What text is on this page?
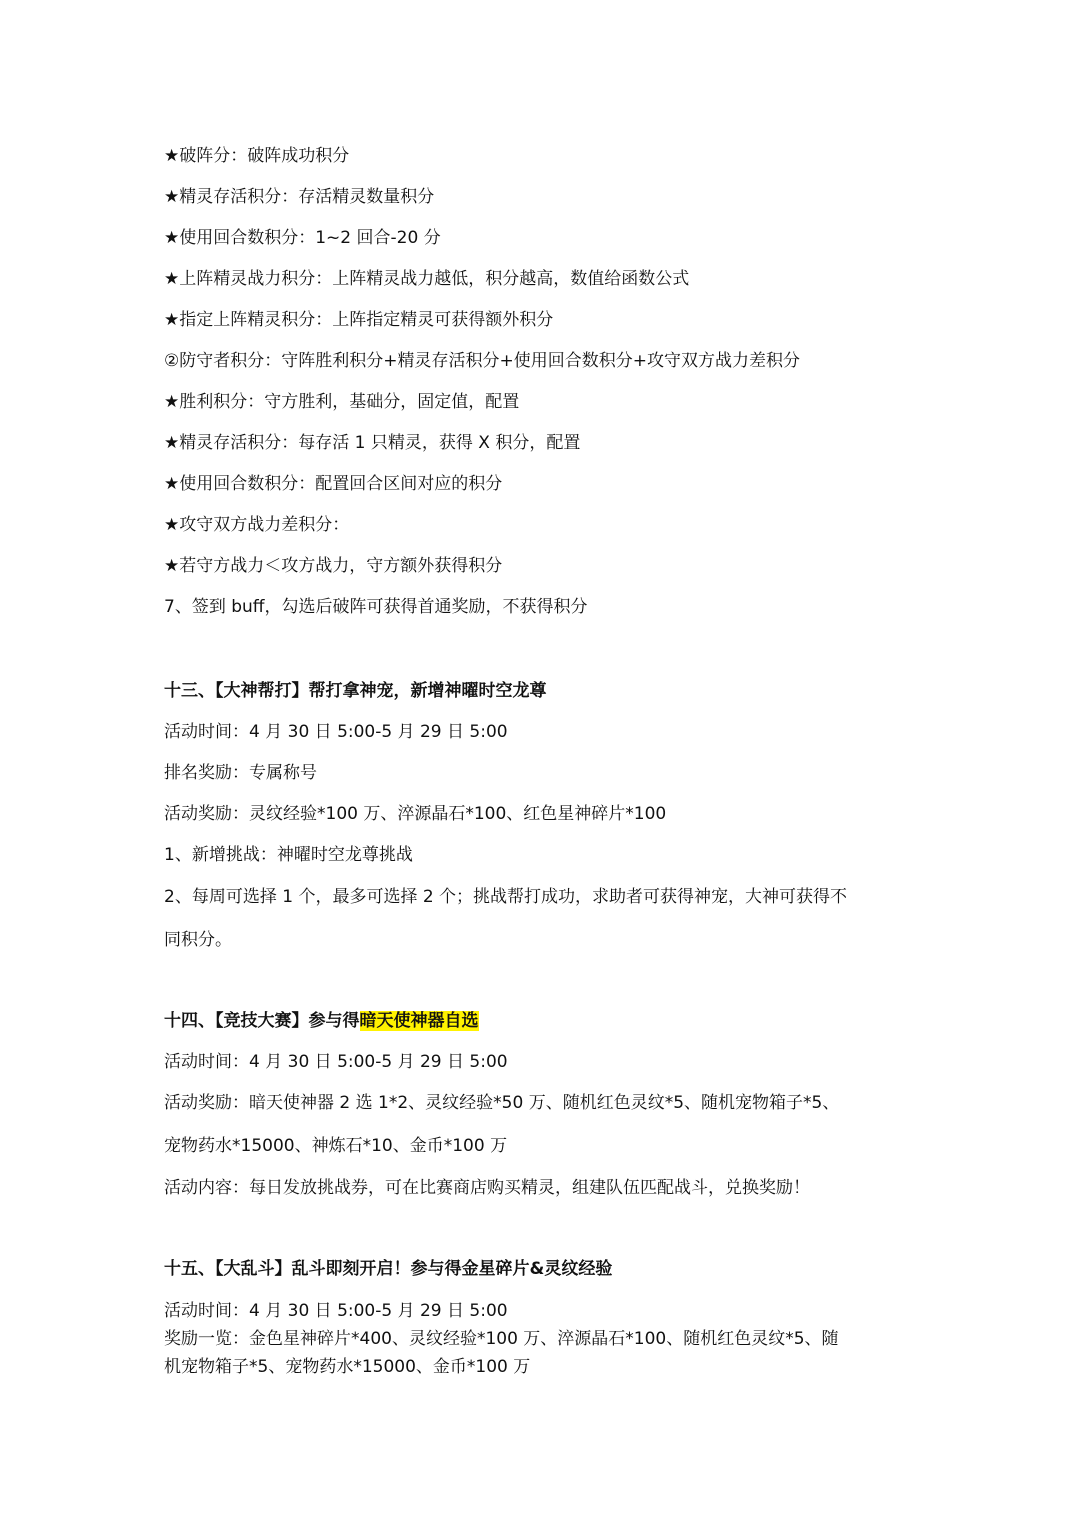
★破阵分：破阵成功积分
★精灵存活积分：存活精灵数量积分
★使用回合数积分：1~2 回合-20 分
★上阵精灵战力积分：上阵精灵战力越低，积分越高，数值给函数公式
★指定上阵精灵积分：上阵指定精灵可获得额外积分
②防守者积分：守阵胜利积分+精灵存活积分+使用回合数积分+攻守双方战力差积分
★胜利积分：守方胜利，基础分，固定值，配置
★精灵存活积分：每存活 1 只精灵，获得 X 积分，配置
★使用回合数积分：配置回合区间对应的积分
★攻守双方战力差积分：
★若守方战力＜攻方战力，守方额外获得积分
7、签到 buff，勾选后破阵可获得首通奖励，不获得积分
十三、【大神帮打】帮打拿神宠，新增神曜时空龙尊
活动时间：4 月 30 日 5:00-5 月 29 日 5:00
排名奖励：专属称号
活动奖励：灵纹经验*100 万、淬源晶石*100、红色星神碎片*100
1、新增挑战：神曜时空龙尊挑战
2、每周可选择 1 个，最多可选择 2 个；挑战帮打成功，求助者可获得神宠，大神可获得不
同积分。
十四、【竞技大赛】参与得暗天使神器自选
活动时间：4 月 30 日 5:00-5 月 29 日 5:00
活动奖励：暗天使神器 2 选 1*2、灵纹经验*50 万、随机红色灵纹*5、随机宠物箱子*5、
宠物药水*15000、神炼石*10、金币*100 万
活动内容：每日发放挑战券，可在比赛商店购买精灵，组建队伍匹配战斗，兑换奖励！
十五、【大乱斗】乱斗即刻开启！参与得金星碎片&灵纹经验
活动时间：4 月 30 日 5:00-5 月 29 日 5:00
奖励一览：金色星神碎片*400、灵纹经验*100 万、淬源晶石*100、随机红色灵纹*5、随
机宠物箱子*5、宠物药水*15000、金币*100 万
